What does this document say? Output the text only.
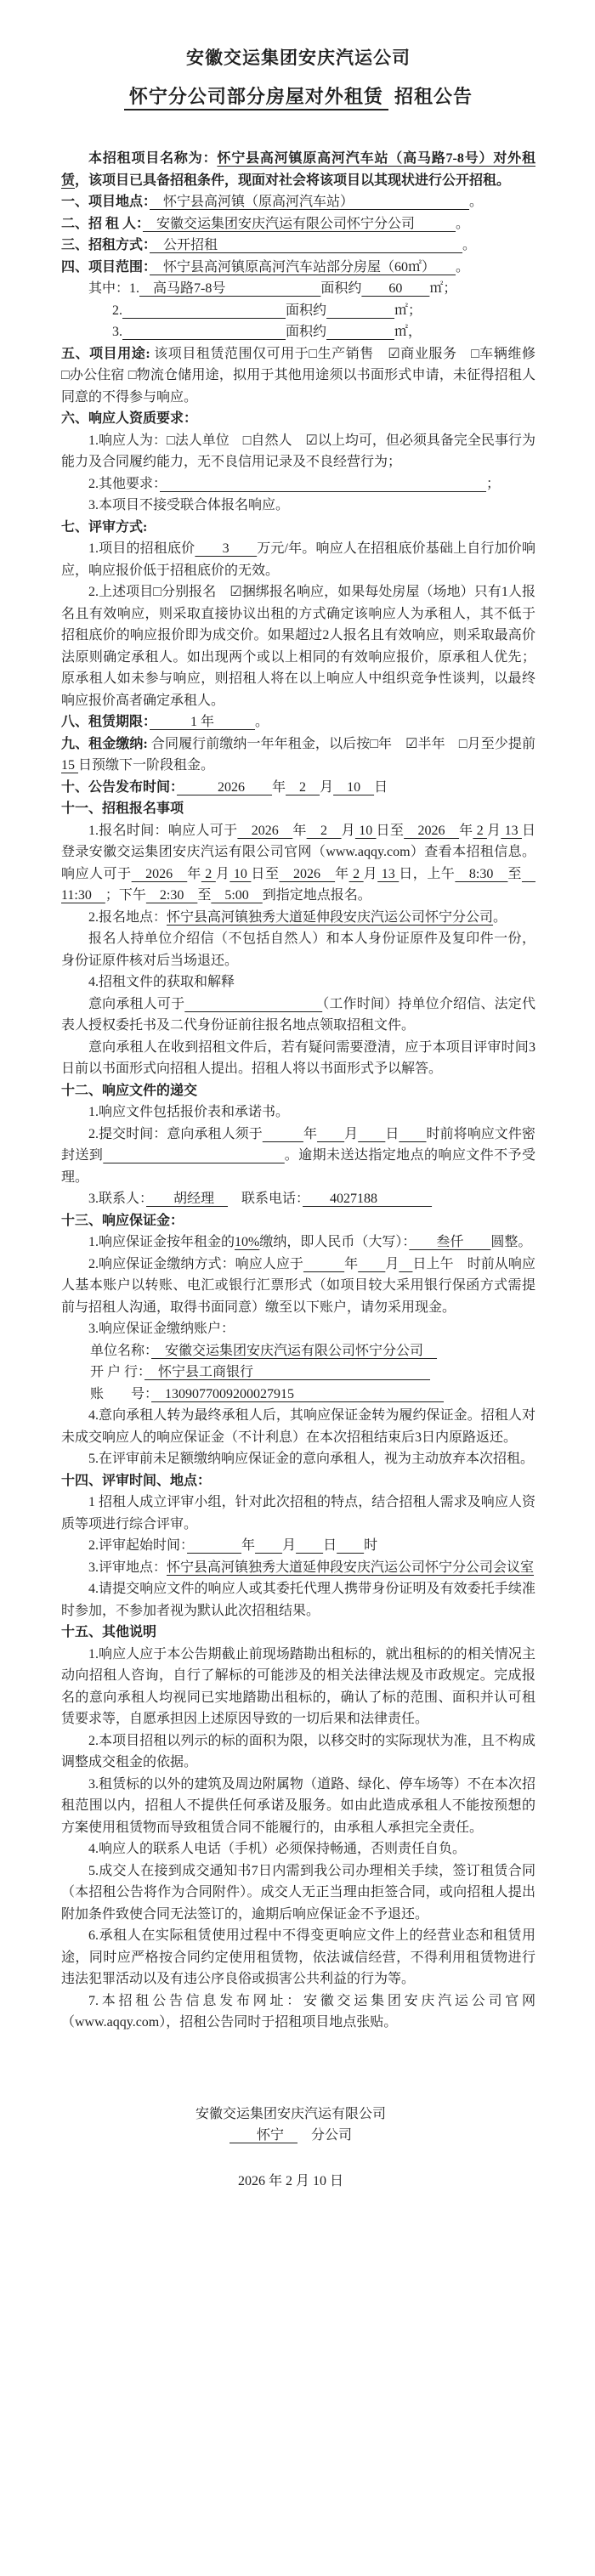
安徽交运集团安庆汽运公司
怀宁分公司部分房屋对外租赁 招租公告

本招租项目名称为：怀宁县高河镇原高河汽车站（高马路7-8号）对外租赁，该项目已具备招租条件，现面对社会将该项目以其现状进行公开招租。

一、项目地点：　怀宁县高河镇（原高河汽车站）　　　　　　　　　。

二、招 租 人：　安徽交运集团安庆汽运有限公司怀宁分公司　　　。

三、招租方式：　公开招租　　　　　　　　　　　　　　　　　　。

四、项目范围：　怀宁县高河镇原高河汽车站部分房屋（60㎡）　　。

其中：1.　高马路7-8号　　　　　　　面积约　　60　　㎡；

2.　　　　　　　　　　　　	面积约　　　　　	㎡；

3.　　　　　　　　　　　　	面积约　　　　　	㎡，

五、项目用途: 该项目租赁范围仅可用于□生产销售　 ☑商业服务　 □车辆维修 □办公住宿 □物流仓储用途，拟用于其他用途须以书面形式申请，未征得招租人同意的不得参与响应。

六、响应人资质要求：

1.响应人为：□法人单位　 □自然人　 ☑以上均可，但必须具备完全民事行为能力及合同履约能力，无不良信用记录及不良经营行为；

2.其他要求：　　　　　　　　　　　　　　　　　　　　　　　　	；

3.本项目不接受联合体报名响应。

七、评审方式:

1.项目的招租底价　　3　　万元/年。响应人在招租底价基础上自行加价响应，响应报价低于招租底价的无效。

2.上述项目□分别报名　 ☑捆绑报名响应，如果每处房屋（场地）只有1人报名且有效响应，则采取直接协议出租的方式确定该响应人为承租人，其不低于招租底价的响应报价即为成交价。如果超过2人报名且有效响应，则采取最高价法原则确定承租人。如出现两个或以上相同的有效响应报价，原承租人优先；原承租人如未参与响应，则招租人将在以上响应人中组织竞争性谈判，以最终响应报价高者确定承租人。

八、租赁期限：　　　1 年　　　。

九、租金缴纳: 合同履行前缴纳一年年租金，以后按□年　 ☑半年　 □月至少提前 15 日预缴下一阶段租金。

十、公告发布时间：　　　2026　　年　2　月　10　日

十一、招租报名事项

1.报名时间：响应人可于　2026　年　2　月 10 日至　2026　年 2 月 13 日登录安徽交运集团安庆汽运有限公司官网（www.aqqy.com）查看本招租信息。响应人可于　2026　年 2 月 10 日至　2026　年 2 月 13 日，上午　8:30　至　11:30　；下午　2:30　至　5:00　到指定地点报名。

2.报名地点：怀宁县高河镇独秀大道延伸段安庆汽运公司怀宁分公司。

报名人持单位介绍信（不包括自然人）和本人身份证原件及复印件一份，身份证原件核对后当场退还。

4.招租文件的获取和解释

意向承租人可于　　　　　　　　　　	（工作时间）持单位介绍信、法定代表人授权委托书及二代身份证前往报名地点领取招租文件。

意向承租人在收到招租文件后，若有疑问需要澄清，应于本项目评审时间3日前以书面形式向招租人提出。招租人将以书面形式予以解答。

十二、响应文件的递交

1.响应文件包括报价表和承诺书。

2.提交时间：意向承租人须于　　　	年　　 月　　 日　　 时前将响应文件密封送到　　　　　　　　　　　　　	。逾期未送达指定地点的响应文件不予受理。

3.联系人：　　胡经理　　联系电话：　　4027188　　　　

十三、响应保证金：

1.响应保证金按年租金的10%缴纳，即人民币（大写）：　　叁仟　　圆整。

2.响应保证金缴纳方式：响应人应于　　　	年　　 月　 日上午　时前从响应人基本账户以转账、电汇或银行汇票形式（如项目较大采用银行保函方式需提前与招租人沟通，取得书面同意）缴至以下账户，请勿采用现金。

3.响应保证金缴纳账户：

单位名称：　安徽交运集团安庆汽运有限公司怀宁分公司　

开 户 行：　怀宁县工商银行　　　　　　　　　　　　　

账　　号：　1309077009200027915　　　　　　　　　　　

4.意向承租人转为最终承租人后，其响应保证金转为履约保证金。招租人对未成交响应人的响应保证金（不计利息）在本次招租结束后3日内原路返还。

5.在评审前未足额缴纳响应保证金的意向承租人，视为主动放弃本次招租。

十四、评审时间、地点：

1 招租人成立评审小组，针对此次招租的特点，结合招租人需求及响应人资质等项进行综合评审。

2.评审起始时间：　　　　	年　　 月　　 日　　 时

3.评审地点：怀宁县高河镇独秀大道延伸段安庆汽运公司怀宁分公司会议室

4.请提交响应文件的响应人或其委托代理人携带身份证明及有效委托手续准时参加，不参加者视为默认此次招租结果。

十五、其他说明

1.响应人应于本公告期截止前现场踏勘出租标的，就出租标的的相关情况主动向招租人咨询，自行了解标的可能涉及的相关法律法规及市政规定。完成报名的意向承租人均视同已实地踏勘出租标的，确认了标的范围、面积并认可租赁要求等，自愿承担因上述原因导致的一切后果和法律责任。

2.本项目招租以列示的标的面积为限，以移交时的实际现状为准，且不构成调整成交租金的依据。

3.租赁标的以外的建筑及周边附属物（道路、绿化、停车场等）不在本次招租范围以内，招租人不提供任何承诺及服务。如由此造成承租人不能按预想的方案使用租赁物而导致租赁合同不能履行的，由承租人承担完全责任。

4.响应人的联系人电话（手机）必须保持畅通，否则责任自负。

5.成交人在接到成交通知书7日内需到我公司办理相关手续，签订租赁合同（本招租公告将作为合同附件）。成交人无正当理由拒签合同，或向招租人提出附加条件致使合同无法签订的，逾期后响应保证金不予退还。

6.承租人在实际租赁使用过程中不得变更响应文件上的经营业态和租赁用途，同时应严格按合同约定使用租赁物，依法诚信经营，不得利用租赁物进行违法犯罪活动以及有违公序良俗或损害公共利益的行为等。

7.本招租公告信息发布网址：安徽交运集团安庆汽运公司官网（www.aqqy.com），招租公告同时于招租项目地点张贴。

安徽交运集团安庆汽运有限公司

　　怀宁　　分公司

2026 年 2 月 10 日
